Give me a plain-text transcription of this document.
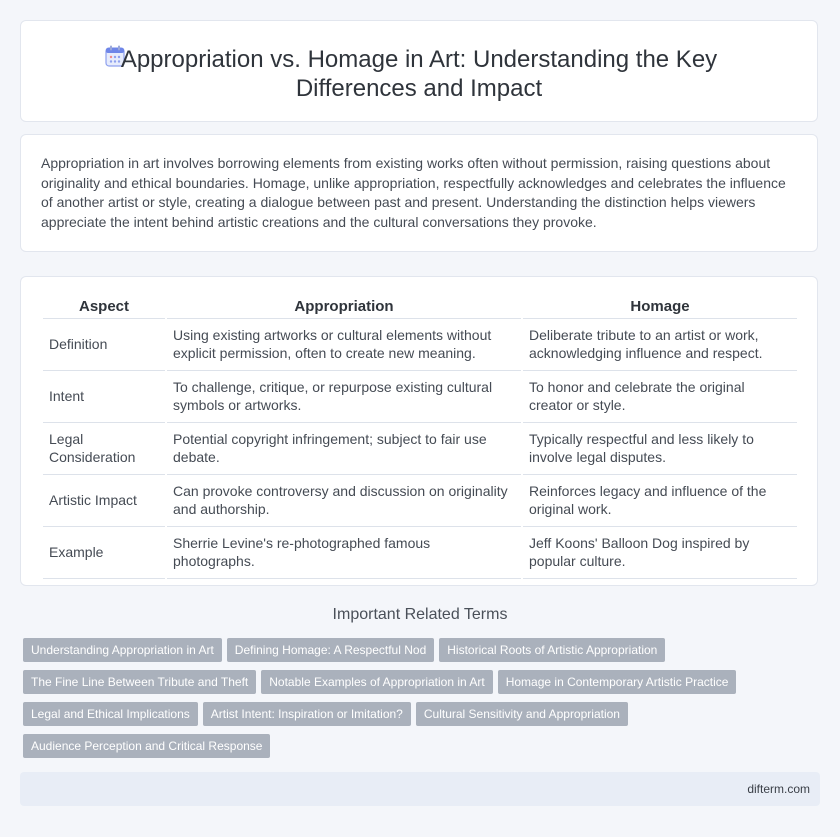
Appropriation vs. Homage in Art: Understanding the Key Differences and Impact

Appropriation in art involves borrowing elements from existing works often without permission, raising questions about originality and ethical boundaries. Homage, unlike appropriation, respectfully acknowledges and celebrates the influence of another artist or style, creating a dialogue between past and present. Understanding the distinction helps viewers appreciate the intent behind artistic creations and the cultural conversations they provoke.

Aspect	Appropriation	Homage
Definition	Using existing artworks or cultural elements without explicit permission, often to create new meaning.	Deliberate tribute to an artist or work, acknowledging influence and respect.
Intent	To challenge, critique, or repurpose existing cultural symbols or artworks.	To honor and celebrate the original creator or style.
Legal Consideration	Potential copyright infringement; subject to fair use debate.	Typically respectful and less likely to involve legal disputes.
Artistic Impact	Can provoke controversy and discussion on originality and authorship.	Reinforces legacy and influence of the original work.
Example	Sherrie Levine's re-photographed famous photographs.	Jeff Koons' Balloon Dog inspired by popular culture.
Important Related Terms
Understanding Appropriation in Art Defining Homage: A Respectful Nod Historical Roots of Artistic Appropriation
The Fine Line Between Tribute and Theft Notable Examples of Appropriation in Art Homage in Contemporary Artistic Practice
Legal and Ethical Implications Artist Intent: Inspiration or Imitation? Cultural Sensitivity and Appropriation
Audience Perception and Critical Response
difterm.com
